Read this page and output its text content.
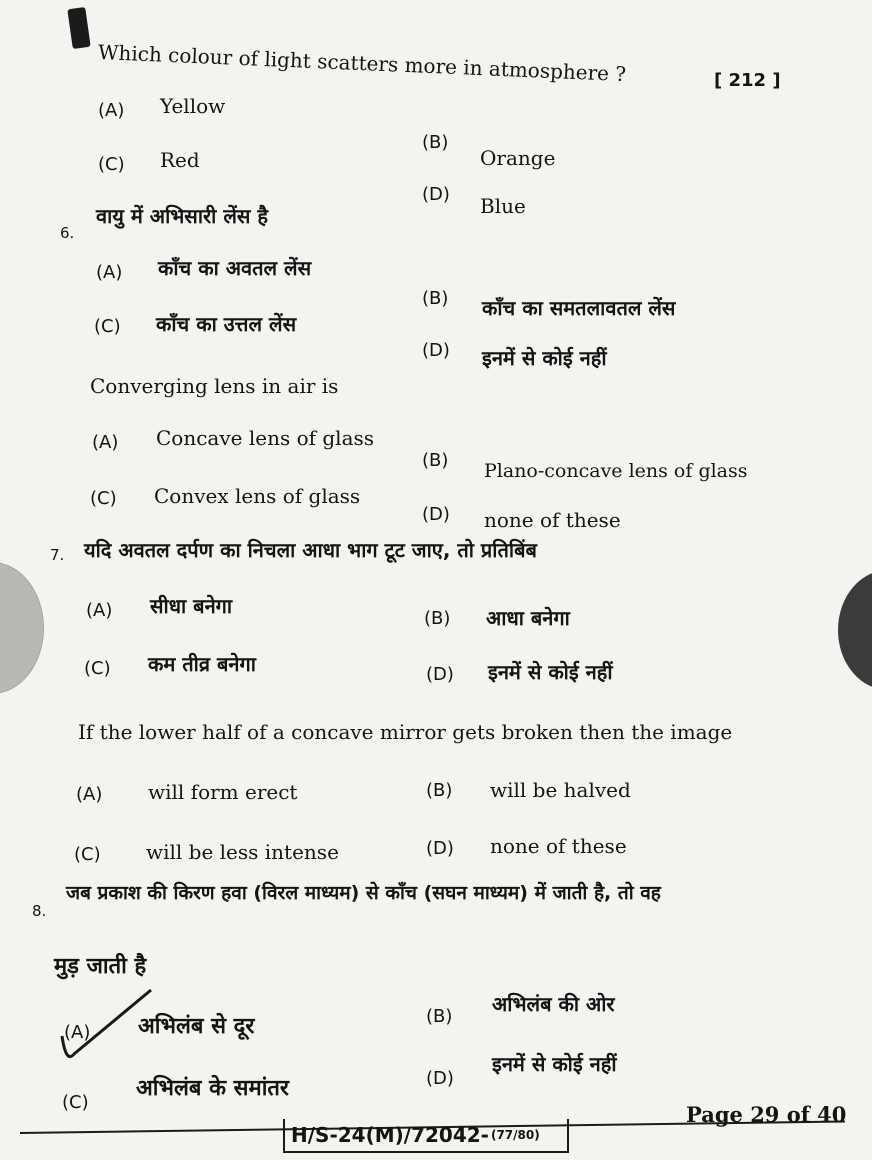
Which colour of light scatters more in atmosphere ?	[ 212 ]
(A) Yellow
(B)
Orange
(C) Red
(D) Blue
6.
वायु में अभिसारी लेंस है
(A) काँच का अवतल लेंस
(B) काँच का समतलावतल लेंस
(C) काँच का उत्तल लेंस
(D) इनमें से कोई नहीं
Converging lens in air is
(A) Concave lens of glass
(B) Plano-concave lens of glass
(C) Convex lens of glass
(D) none of these
7. यदि अवतल दर्पण का निचला आधा भाग टूट जाए, तो प्रतिबिंब
(A) सीधा बनेगा
(B) आधा बनेगा
(C) कम तीव्र बनेगा	(D) इनमें से कोई नहीं
If the lower half of a concave mirror gets broken then the image
(A) will form erect	(B) will be halved
(C) will be less intense	(D) none of these
8.
जब प्रकाश की किरण हवा (विरल माध्यम) से काँच (सघन माध्यम) में जाती है, तो वह
मुड़ जाती है
(A) अभिलंब से दूर	(B)
अभिलंब की ओर
(C)
अभिलंब के समांतर	(D)
इनमें से कोई नहीं
H/S-24(M)/72042- (77/80)
Page 29 of 40
